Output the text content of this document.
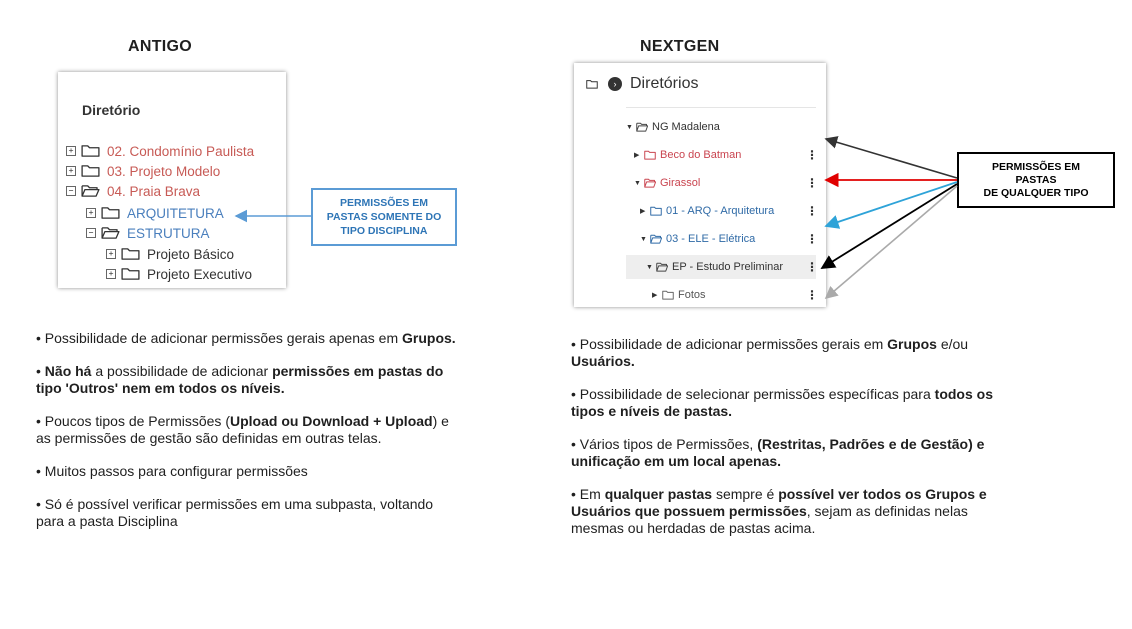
ANTIGO	NEXTGEN
Diretório
+ 02. Condomínio Paulista
+ 03. Projeto Modelo
− 04. Praia Brava
+ ARQUITETURA
− ESTRUTURA
+ Projeto Básico
+ Projeto Executivo
PERMISSÕES EM
PASTAS SOMENTE DO
TIPO DISCIPLINA
› Diretórios
▼ NG Madalena
▶	Beco do Batman	⋮
▼ Girassol	⋮
▶	01 - ARQ - Arquitetura	⋮
▼ 03 - ELE - Elétrica	⋮
▼ EP - Estudo Preliminar ⋮
▶	Fotos	⋮
PERMISSÕES EM
PASTAS
DE QUALQUER TIPO

• Possibilidade de adicionar permissões gerais apenas em Grupos.

• Não há a possibilidade de adicionar permissões em pastas do tipo 'Outros' nem em todos os níveis.

• Poucos tipos de Permissões (Upload ou Download + Upload) e as permissões de gestão são definidas em outras telas.

• Muitos passos para configurar permissões

• Só é possível verificar permissões em uma subpasta, voltando para a pasta Disciplina

• Possibilidade de adicionar permissões gerais em Grupos e/ou Usuários.

• Possibilidade de selecionar permissões específicas para todos os tipos e níveis de pastas.

• Vários tipos de Permissões, (Restritas, Padrões e de Gestão) e unificação em um local apenas.

• Em qualquer pastas sempre é possível ver todos os Grupos e Usuários que possuem permissões, sejam as definidas nelas mesmas ou herdadas de pastas acima.
